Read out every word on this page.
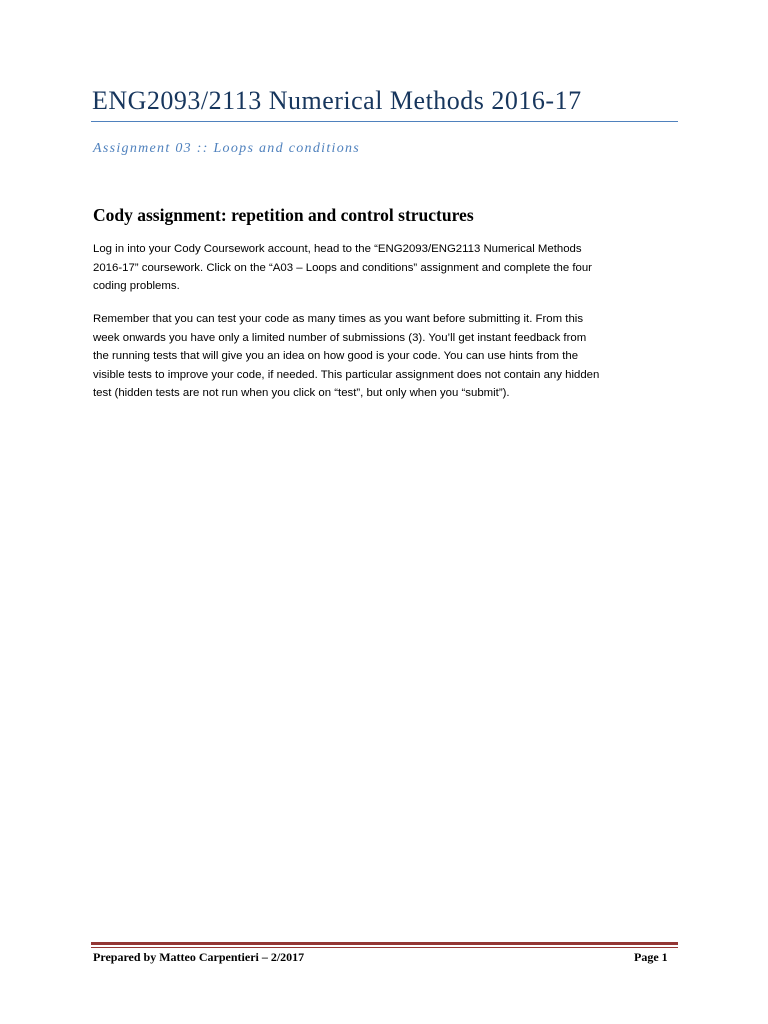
ENG2093/2113 Numerical Methods 2016-17
Assignment 03 :: Loops and conditions
Cody assignment: repetition and control structures

Log in into your Cody Coursework account, head to the “ENG2093/ENG2113 Numerical Methods
2016-17” coursework. Click on the “A03 – Loops and conditions” assignment and complete the four
coding problems.

Remember that you can test your code as many times as you want before submitting it. From this
week onwards you have only a limited number of submissions (3). You’ll get instant feedback from
the running tests that will give you an idea on how good is your code. You can use hints from the
visible tests to improve your code, if needed. This particular assignment does not contain any hidden
test (hidden tests are not run when you click on “test”, but only when you “submit”).

Prepared by Matteo Carpentieri – 2/2017	Page 1
